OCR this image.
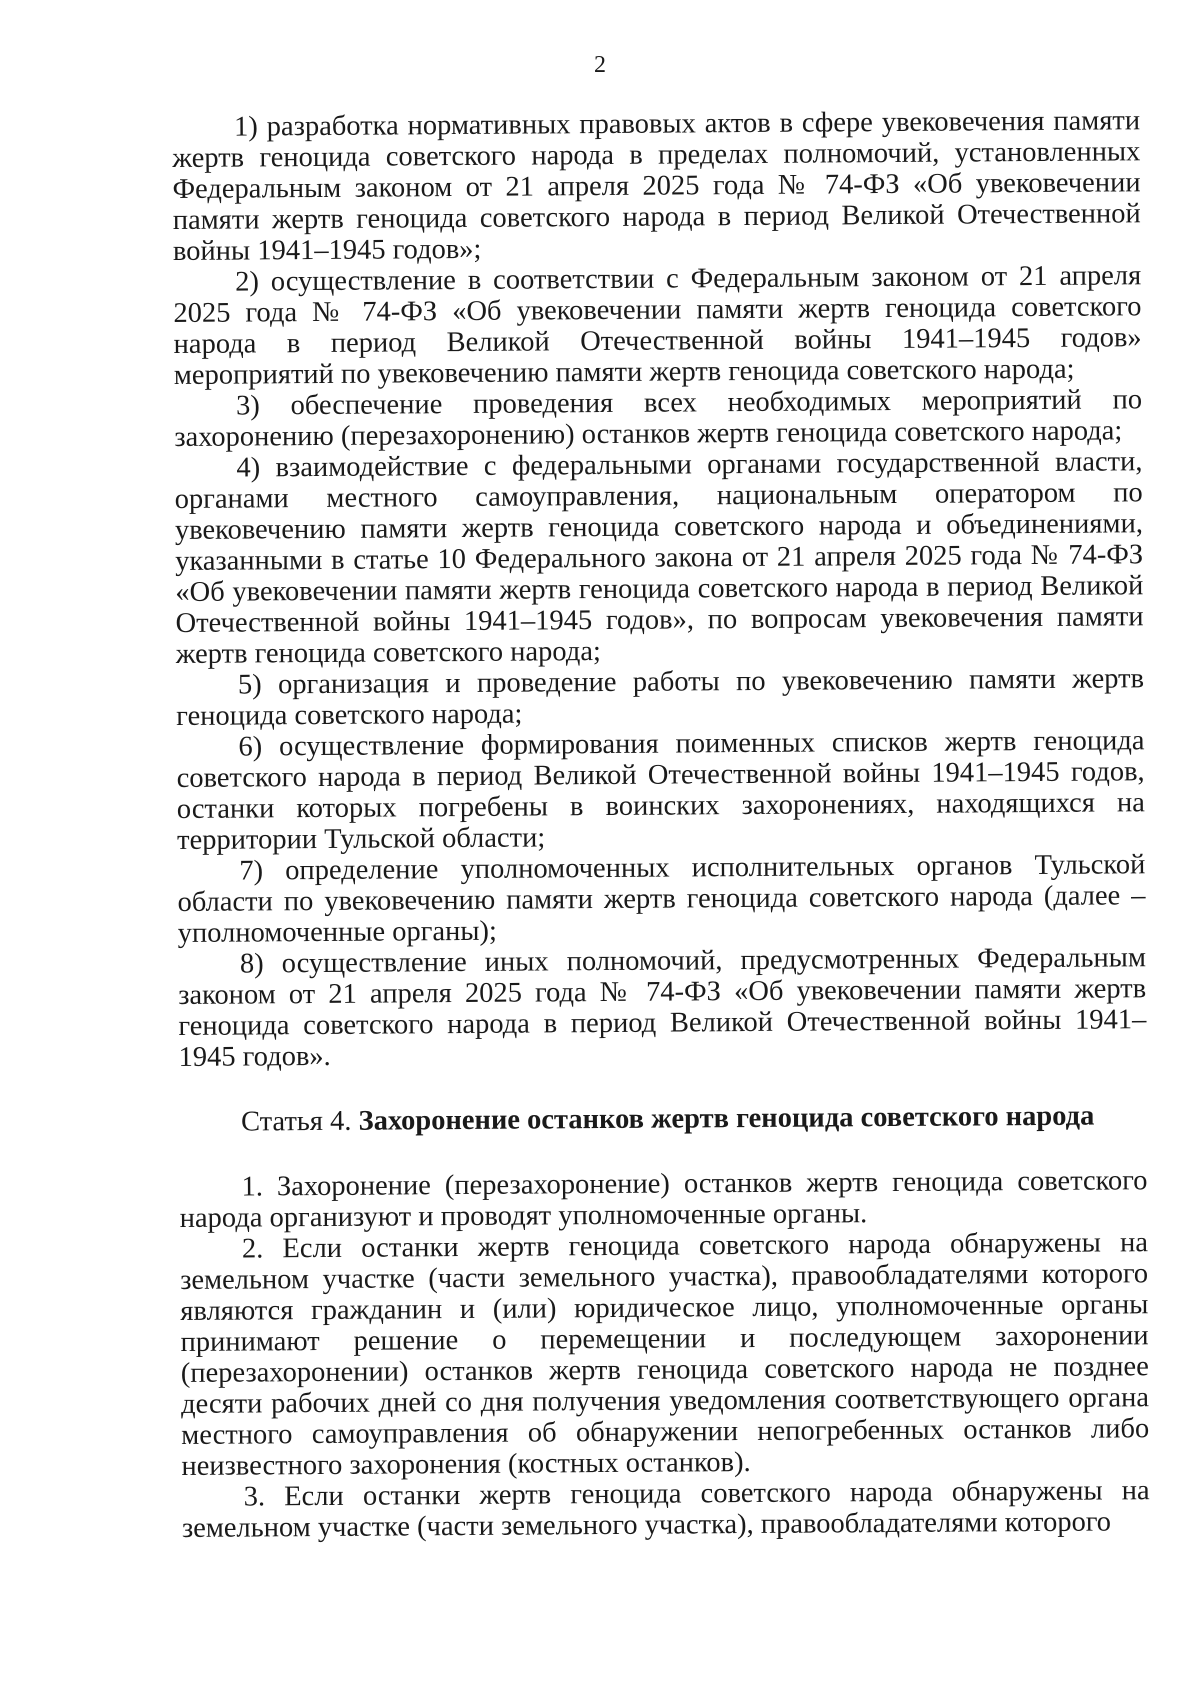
2

1) разработка нормативных правовых актов в сфере увековечения памяти жертв геноцида советского народа в пределах полномочий, установленных Федеральным законом от 21 апреля 2025 года № 74-ФЗ «Об увековечении памяти жертв геноцида советского народа в период Великой Отечественной войны 1941–1945 годов»;

2) осуществление в соответствии с Федеральным законом от 21 апреля 2025 года № 74-ФЗ «Об увековечении памяти жертв геноцида советского народа в период Великой Отечественной войны 1941–1945 годов» мероприятий по увековечению памяти жертв геноцида советского народа;

3) обеспечение проведения всех необходимых мероприятий по захоронению (перезахоронению) останков жертв геноцида советского народа;

4) взаимодействие с федеральными органами государственной власти, органами местного самоуправления, национальным оператором по увековечению памяти жертв геноцида советского народа и объединениями, указанными в статье 10 Федерального закона от 21 апреля 2025 года № 74-ФЗ «Об увековечении памяти жертв геноцида советского народа в период Великой Отечественной войны 1941–1945 годов», по вопросам увековечения памяти жертв геноцида советского народа;

5) организация и проведение работы по увековечению памяти жертв геноцида советского народа;

6) осуществление формирования поименных списков жертв геноцида советского народа в период Великой Отечественной войны 1941–1945 годов, останки которых погребены в воинских захоронениях, находящихся на территории Тульской области;

7) определение уполномоченных исполнительных органов Тульской области по увековечению памяти жертв геноцида советского народа (далее – уполномоченные органы);

8) осуществление иных полномочий, предусмотренных Федеральным законом от 21 апреля 2025 года № 74-ФЗ «Об увековечении памяти жертв геноцида советского народа в период Великой Отечественной войны 1941–1945 годов».

Статья 4. Захоронение останков жертв геноцида советского народа

1. Захоронение (перезахоронение) останков жертв геноцида советского народа организуют и проводят уполномоченные органы.

2. Если останки жертв геноцида советского народа обнаружены на земельном участке (части земельного участка), правообладателями которого являются гражданин и (или) юридическое лицо, уполномоченные органы принимают решение о перемещении и последующем захоронении (перезахоронении) останков жертв геноцида советского народа не позднее десяти рабочих дней со дня получения уведомления соответствующего органа местного самоуправления об обнаружении непогребенных останков либо неизвестного захоронения (костных останков).

3. Если останки жертв геноцида советского народа обнаружены на земельном участке (части земельного участка), правообладателями которого
